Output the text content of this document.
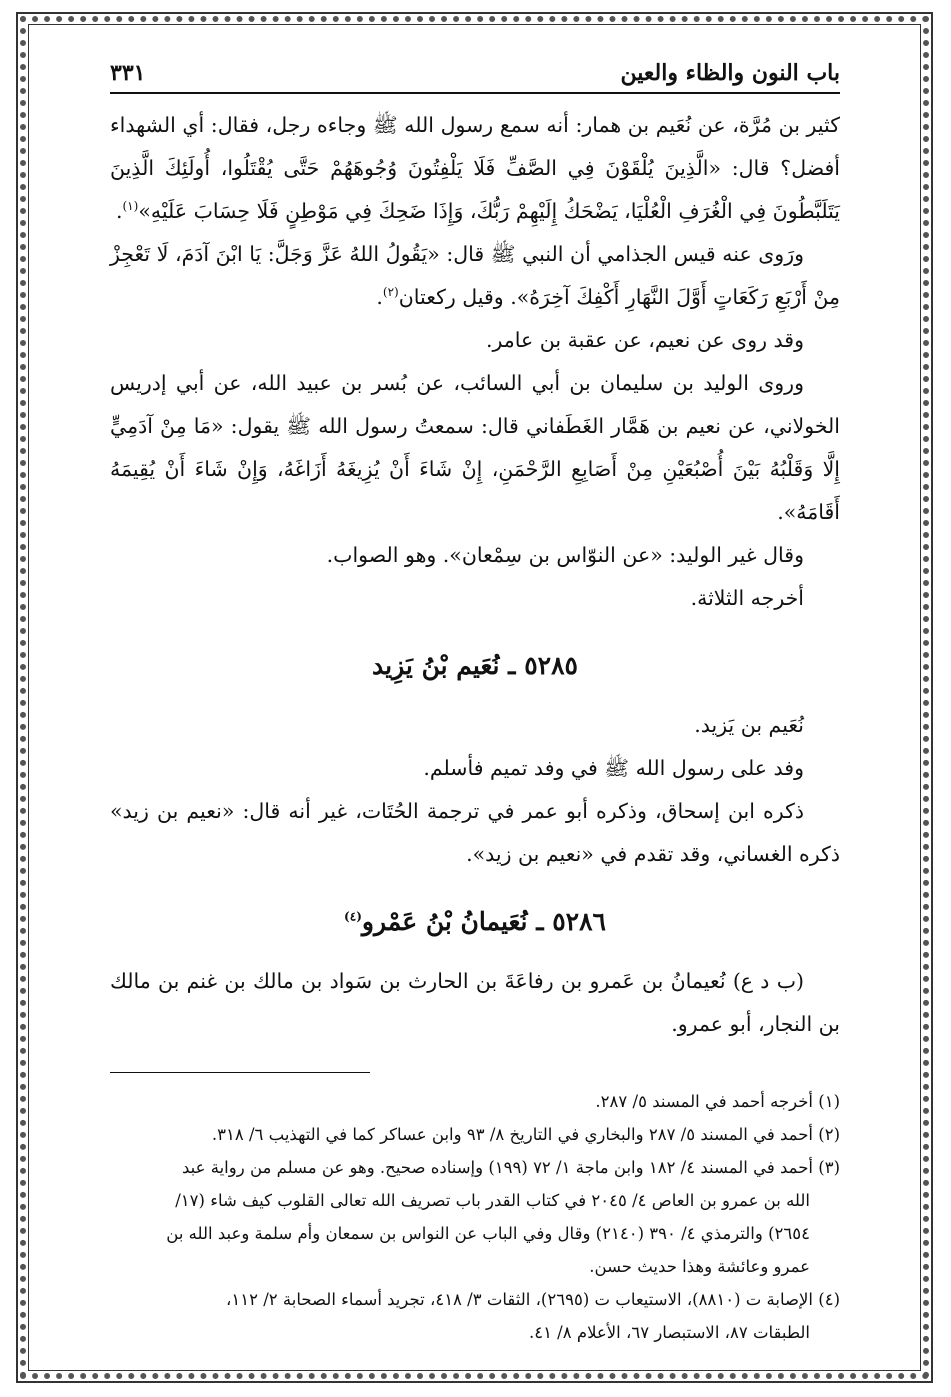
باب النون والظاء والعين
٣٣١

كثير بن مُرَّة، عن نُعَيم بن همار: أنه سمع رسول الله ﷺ وجاءه رجل، فقال: أي الشهداء أفضل؟ قال: «الَّذِينَ يُلْقَوْنَ فِي الصَّفِّ فَلَا يَلْفِتُونَ وُجُوهَهُمْ حَتَّى يُقْتَلُوا، أُولَئِكَ الَّذِينَ يَتَلَبَّطُونَ فِي الْغُرَفِ الْعُلْيَا، يَضْحَكُ إِلَيْهِمْ رَبُّكَ، وَإِذَا ضَحِكَ فِي مَوْطِنٍ فَلَا حِسَابَ عَلَيْهِ»$^{(١)}$.

ورَوى عنه قيس الجذامي أن النبي ﷺ قال: «يَقُولُ اللهُ عَزَّ وَجَلَّ: يَا ابْنَ آدَمَ، لَا تَعْجِزْ مِنْ أَرْبَعِ رَكَعَاتٍ أَوَّلَ النَّهَارِ أَكْفِكَ آخِرَهُ». وقيل ركعتان$^{(٢)}$.

وقد روى عن نعيم، عن عقبة بن عامر.

وروى الوليد بن سليمان بن أبي السائب، عن بُسر بن عبيد الله، عن أبي إدريس الخولاني، عن نعيم بن هَمَّار الغَطَفاني قال: سمعتُ رسول الله ﷺ يقول: «مَا مِنْ آدَمِيٍّ إِلَّا وَقَلْبُهُ بَيْنَ أُصْبُعَيْنِ مِنْ أَصَابِعِ الرَّحْمَنِ، إِنْ شَاءَ أَنْ يُزِيغَهُ أَزَاغَهُ، وَإِنْ شَاءَ أَنْ يُقِيمَهُ أَقَامَهُ».

وقال غير الوليد: «عن النوّاس بن سِمْعان». وهو الصواب.

أخرجه الثلاثة.

٥٢٨٥ ـ نُعَيم بْنُ يَزِيد

نُعَيم بن يَزيد.

وفد على رسول الله ﷺ في وفد تميم فأسلم.

ذكره ابن إسحاق، وذكره أبو عمر في ترجمة الحُتَات، غير أنه قال: «نعيم بن زيد» ذكره الغساني، وقد تقدم في «نعيم بن زيد».

٥٢٨٦ ـ نُعَيمانُ بْنُ عَمْرو$^{(٤)}$

(ب د ع) نُعيمانُ بن عَمرو بن رفاعَةَ بن الحارث بن سَواد بن مالك بن غنم بن مالك بن النجار، أبو عمرو.

(١) أخرجه أحمد في المسند ٥/ ٢٨٧.

(٢) أحمد في المسند ٥/ ٢٨٧ والبخاري في التاريخ ٨/ ٩٣ وابن عساكر كما في التهذيب ٦/ ٣١٨.

(٣) أحمد في المسند ٤/ ١٨٢ وابن ماجة ١/ ٧٢ (١٩٩) وإسناده صحيح. وهو عن مسلم من رواية عبد

الله بن عمرو بن العاص ٤/ ٢٠٤٥ في كتاب القدر باب تصريف الله تعالى القلوب كيف شاء (١٧/

٢٦٥٤) والترمذي ٤/ ٣٩٠ (٢١٤٠) وقال وفي الباب عن النواس بن سمعان وأم سلمة وعبد الله بن

عمرو وعائشة وهذا حديث حسن.

(٤) الإصابة ت (٨٨١٠)، الاستيعاب ت (٢٦٩٥)، الثقات ٣/ ٤١٨، تجريد أسماء الصحابة ٢/ ١١٢،

الطبقات ٨٧، الاستبصار ٦٧، الأعلام ٨/ ٤١.
